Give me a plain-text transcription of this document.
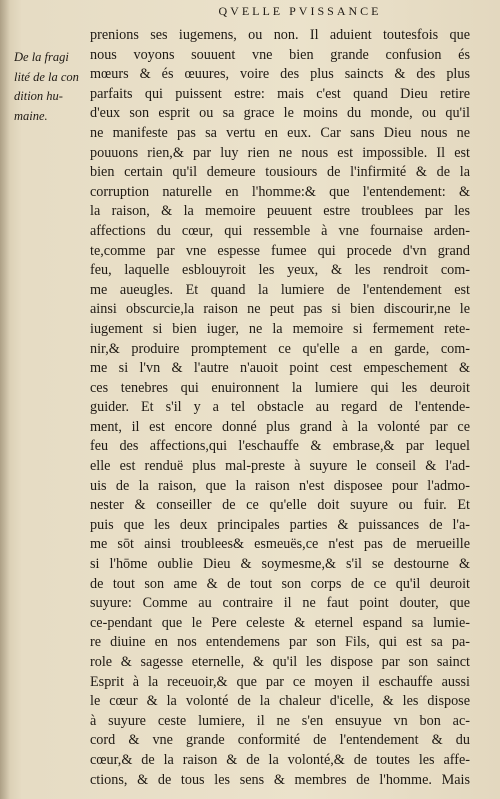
QVELLE PVISSANCE
De la fragi
lité de la con
dition hu-
maine.
prenions ses iugemens, ou non. Il aduient toutesfois que
nous voyons souuent vne bien grande confusion és
mœurs & és œuures, voire des plus saincts & des plus
parfaits qui puissent estre: mais c'est quand Dieu retire
d'eux son esprit ou sa grace le moins du monde, ou qu'il
ne manifeste pas sa vertu en eux. Car sans Dieu nous ne
pouuons rien,& par luy rien ne nous est impossible. Il est
bien certain qu'il demeure tousiours de l'infirmité & de la
corruption naturelle en l'homme:& que l'entendement: &
la raison, & la memoire peuuent estre troublees par les
affections du cœur, qui ressemble à vne fournaise arden-
te,comme par vne espesse fumee qui procede d'vn grand
feu, laquelle esblouyroit les yeux, & les rendroit com-
me aueugles. Et quand la lumiere de l'entendement est
ainsi obscurcie,la raison ne peut pas si bien discourir,ne le
iugement si bien iuger, ne la memoire si fermement rete-
nir,& produire promptement ce qu'elle a en garde, com-
me si l'vn & l'autre n'auoit point cest empeschement &
ces tenebres qui enuironnent la lumiere qui les deuroit
guider. Et s'il y a tel obstacle au regard de l'entende-
ment, il est encore donné plus grand à la volonté par ce
feu des affections,qui l'eschauffe & embrase,& par lequel
elle est renduë plus mal-preste à suyure le conseil & l'ad-
uis de la raison, que la raison n'est disposee pour l'admo-
nester & conseiller de ce qu'elle doit suyure ou fuir. Et
puis que les deux principales parties & puissances de l'a-
me sōt ainsi troublees& esmeuës,ce n'est pas de merueille
si l'hōme oublie Dieu & soymesme,& s'il se destourne &
de tout son ame & de tout son corps de ce qu'il deuroit
suyure: Comme au contraire il ne faut point douter, que
ce-pendant que le Pere celeste & eternel espand sa lumie-
re diuine en nos entendemens par son Fils, qui est sa pa-
role & sagesse eternelle, & qu'il les dispose par son sainct
Esprit à la receuoir,& que par ce moyen il eschauffe aussi
le cœur & la volonté de la chaleur d'icelle, & les dispose
à suyure ceste lumiere, il ne s'en ensuyue vn bon ac-
cord & vne grande conformité de l'entendement & du
cœur,& de la raison & de la volonté,& de toutes les affe-
ctions, & de tous les sens & membres de l'homme. Mais
